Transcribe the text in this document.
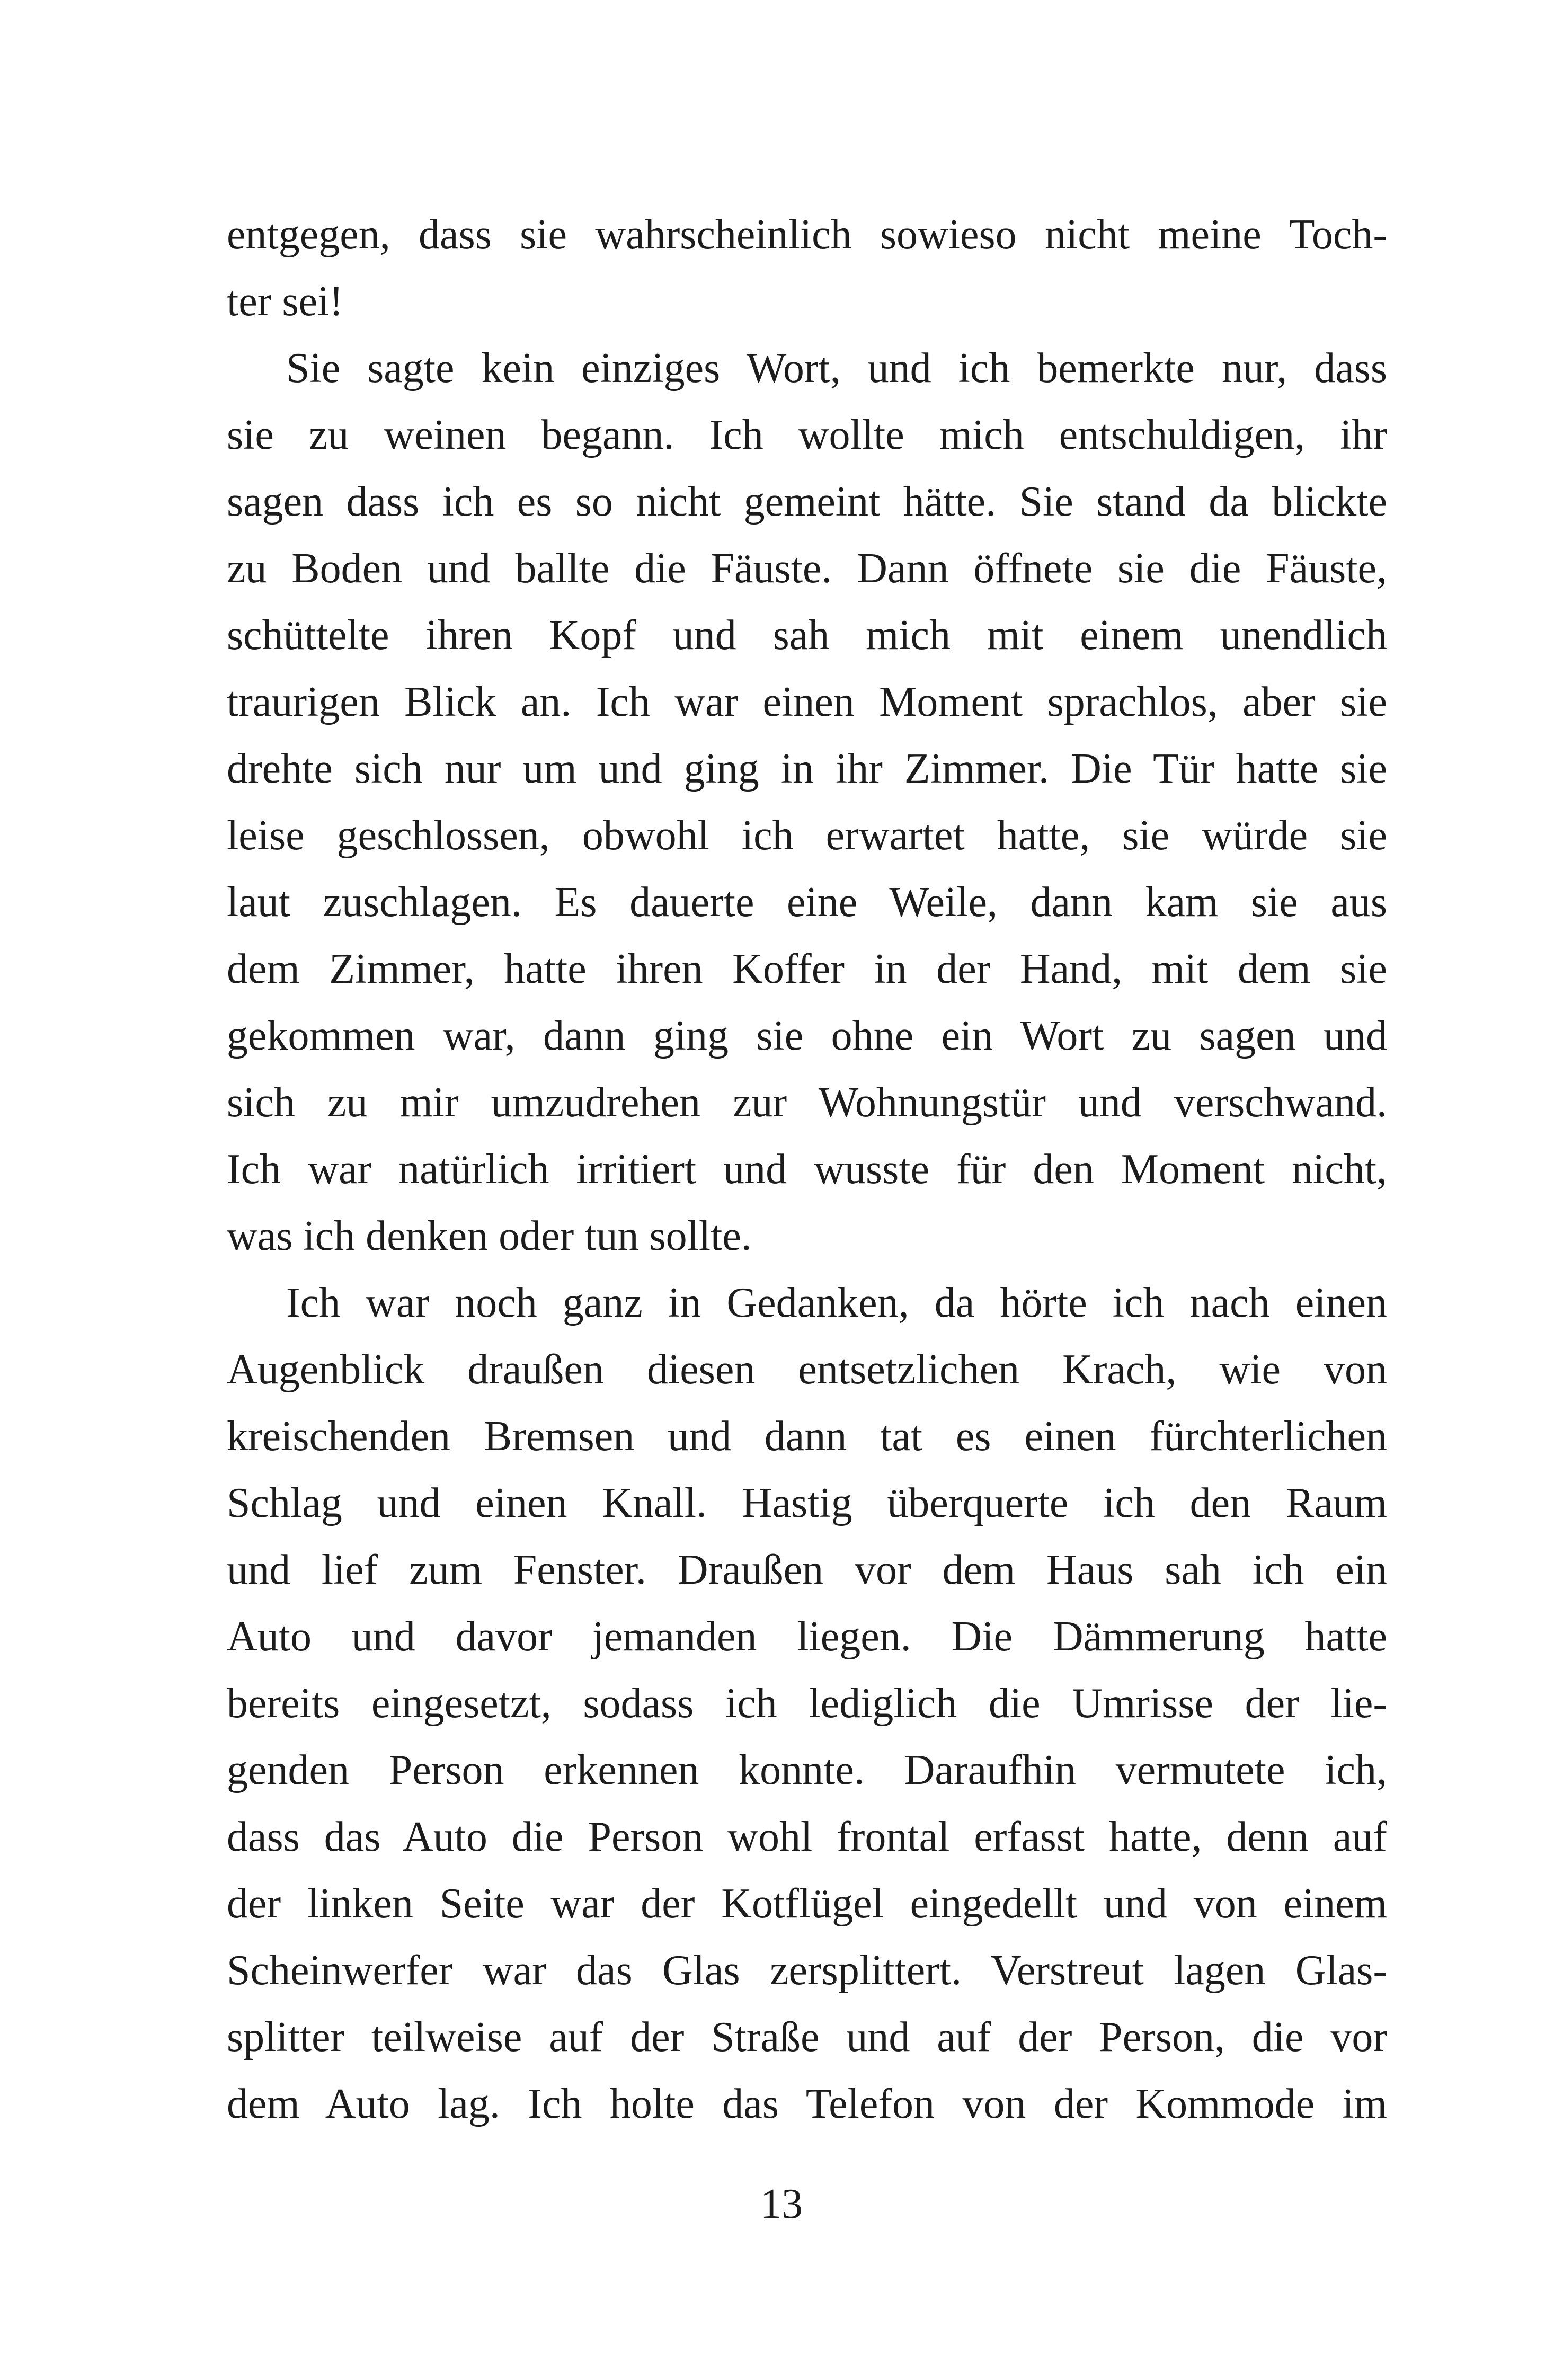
entgegen, dass sie wahrscheinlich sowieso nicht meine Toch-
ter sei!
Sie sagte kein einziges Wort, und ich bemerkte nur, dass
sie zu weinen begann. Ich wollte mich entschuldigen, ihr
sagen dass ich es so nicht gemeint hätte. Sie stand da blickte
zu Boden und ballte die Fäuste. Dann öffnete sie die Fäuste,
schüttelte ihren Kopf und sah mich mit einem unendlich
traurigen Blick an. Ich war einen Moment sprachlos, aber sie
drehte sich nur um und ging in ihr Zimmer. Die Tür hatte sie
leise geschlossen, obwohl ich erwartet hatte, sie würde sie
laut zuschlagen. Es dauerte eine Weile, dann kam sie aus
dem Zimmer, hatte ihren Koffer in der Hand, mit dem sie
gekommen war, dann ging sie ohne ein Wort zu sagen und
sich zu mir umzudrehen zur Wohnungstür und verschwand.
Ich war natürlich irritiert und wusste für den Moment nicht,
was ich denken oder tun sollte.
Ich war noch ganz in Gedanken, da hörte ich nach einen
Augenblick draußen diesen entsetzlichen Krach, wie von
kreischenden Bremsen und dann tat es einen fürchterlichen
Schlag und einen Knall. Hastig überquerte ich den Raum
und lief zum Fenster. Draußen vor dem Haus sah ich ein
Auto und davor jemanden liegen. Die Dämmerung hatte
bereits eingesetzt, sodass ich lediglich die Umrisse der lie-
genden Person erkennen konnte. Daraufhin vermutete ich,
dass das Auto die Person wohl frontal erfasst hatte, denn auf
der linken Seite war der Kotflügel eingedellt und von einem
Scheinwerfer war das Glas zersplittert. Verstreut lagen Glas-
splitter teilweise auf der Straße und auf der Person, die vor
dem Auto lag. Ich holte das Telefon von der Kommode im
13
